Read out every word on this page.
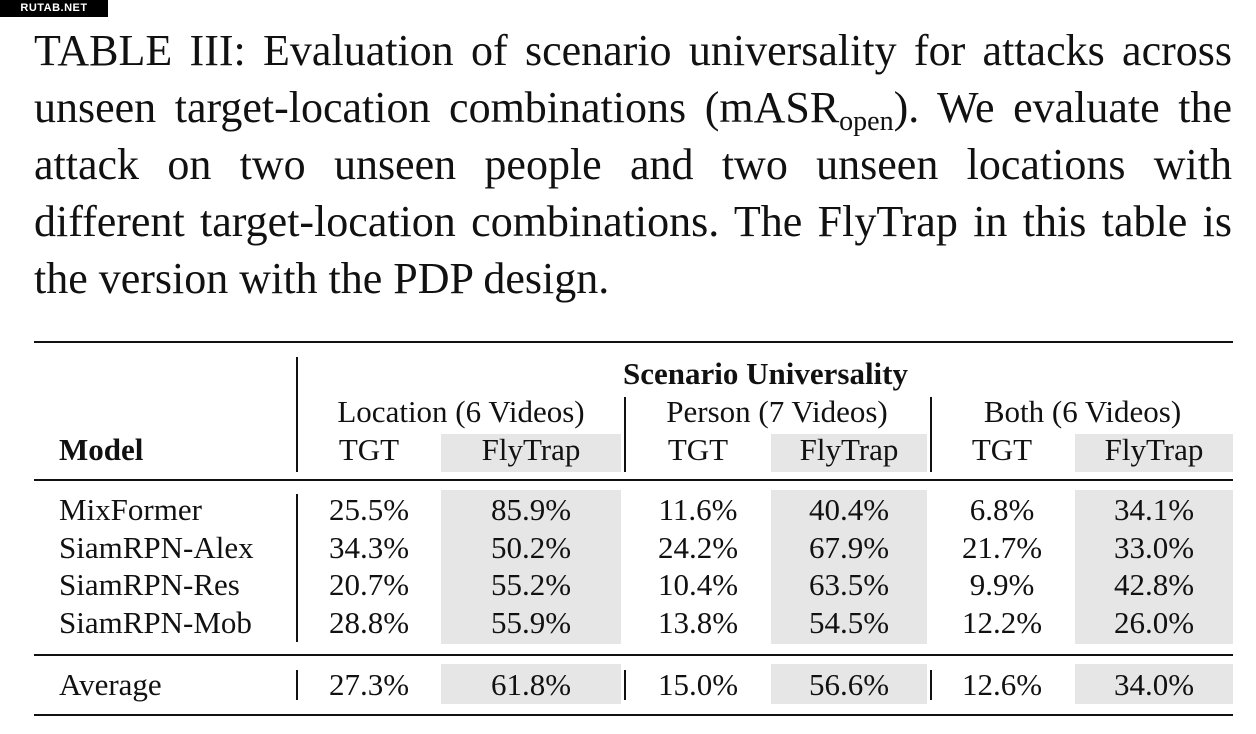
RUTAB.NET
TABLE III: Evaluation of scenario universality for attacks across unseen target-location combinations (mASR$_{open}$). We evaluate the attack on two unseen people and two unseen locations with different target-location combinations. The FlyTrap in this table is the version with the PDP design.
Scenario Universality
Location (6 Videos)	Person (7 Videos)	Both (6 Videos)
Model	TGT	FlyTrap	TGT	FlyTrap	TGT	FlyTrap
MixFormer	25.5%	85.9%	11.6%	40.4%	6.8%	34.1%
SiamRPN-Alex	34.3%	50.2%	24.2%	67.9%	21.7%	33.0%
SiamRPN-Res	20.7%	55.2%	10.4%	63.5%	9.9%	42.8%
SiamRPN-Mob	28.8%	55.9%	13.8%	54.5%	12.2%	26.0%
Average	27.3%	61.8%	15.0%	56.6%	12.6%	34.0%
